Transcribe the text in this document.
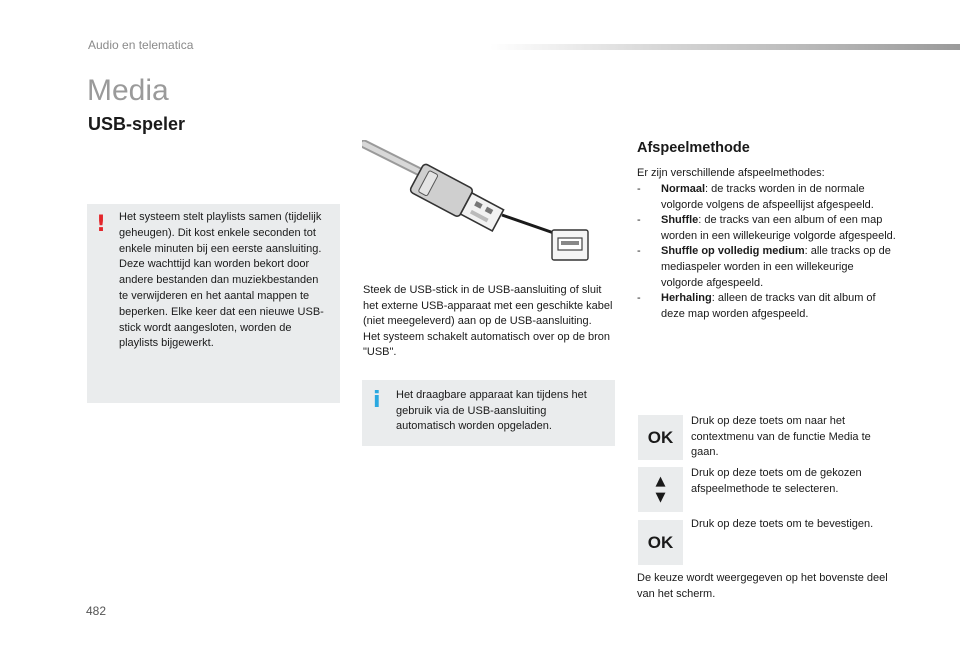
Audio en telematica
Media
USB-speler
! Het systeem stelt playlists samen (tijdelijk geheugen). Dit kost enkele seconden tot enkele minuten bij een eerste aansluiting. Deze wachttijd kan worden bekort door andere bestanden dan muziekbestanden te verwijderen en het aantal mappen te beperken. Elke keer dat een nieuwe USB-stick wordt aangesloten, worden de playlists bijgewerkt.
Steek de USB-stick in de USB-aansluiting of sluit het externe USB-apparaat met een geschikte kabel (niet meegeleverd) aan op de USB-aansluiting.
Het systeem schakelt automatisch over op de bron "USB".
i Het draagbare apparaat kan tijdens het gebruik via de USB-aansluiting automatisch worden opgeladen.
Afspeelmethode
Er zijn verschillende afspeelmethodes:
- Normaal: de tracks worden in de normale volgorde volgens de afspeellijst afgespeeld.
- Shuffle: de tracks van een album of een map worden in een willekeurige volgorde afgespeeld.
- Shuffle op volledig medium: alle tracks op de mediaspeler worden in een willekeurige volgorde afgespeeld.
- Herhaling: alleen de tracks van dit album of deze map worden afgespeeld.
OK
Druk op deze toets om naar het contextmenu van de functie Media te gaan.
▲
▼
Druk op deze toets om de gekozen afspeelmethode te selecteren.
OK
Druk op deze toets om te bevestigen.
De keuze wordt weergegeven op het bovenste deel van het scherm.
482
